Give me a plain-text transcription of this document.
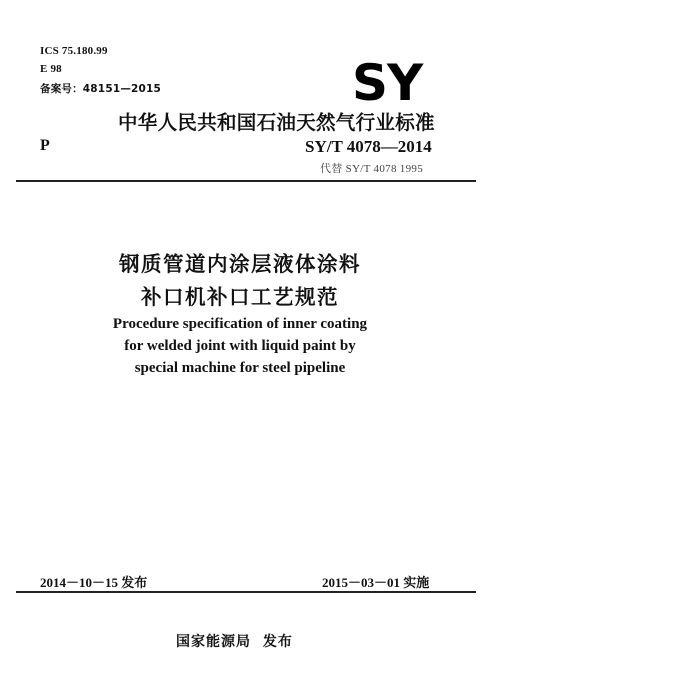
ICS 75.180.99
E 98
备案号：48151—2015	SY
中华人民共和国石油天然气行业标准
P	SY/T 4078—2014
代替 SY/T 4078 1995
钢质管道内涂层液体涂料
补口机补口工艺规范
Procedure specification of inner coating
for welded joint with liquid paint by
special machine for steel pipeline
2014－10－15 发布	2015－03－01 实施
国家能源局 发布
